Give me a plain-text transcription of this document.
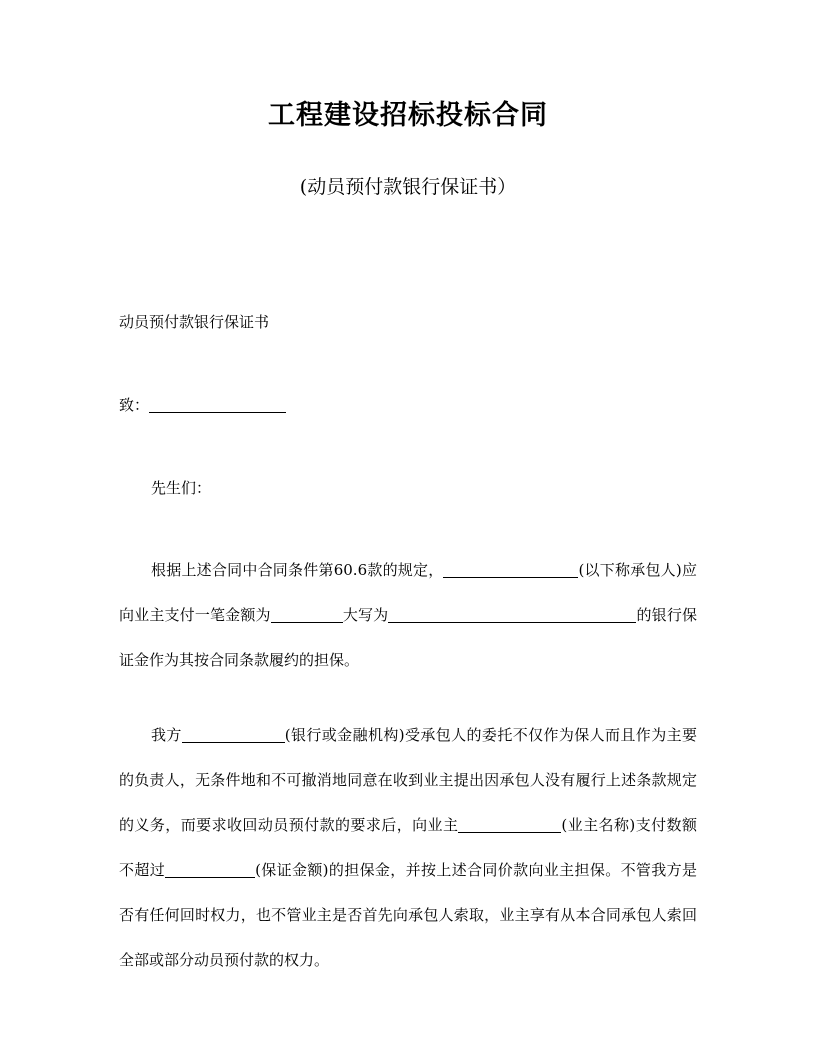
工程建设招标投标合同
(动员预付款银行保证书）
动员预付款银行保证书
致：
先生们：
根据上述合同中合同条件第60.6款的规定，	(以下称承包人)应向业主支付一笔金额为	大写为	的银行保证金作为其按合同条款履约的担保。
我方	(银行或金融机构)受承包人的委托不仅作为保人而且作为主要的负责人，无条件地和不可撤消地同意在收到业主提出因承包人没有履行上述条款规定的义务，而要求收回动员预付款的要求后，向业主	(业主名称)支付数额不超过	(保证金额)的担保金，并按上述合同价款向业主担保。不管我方是否有任何回时权力，也不管业主是否首先向承包人索取，业主享有从本合同承包人索回全部或部分动员预付款的权力。
